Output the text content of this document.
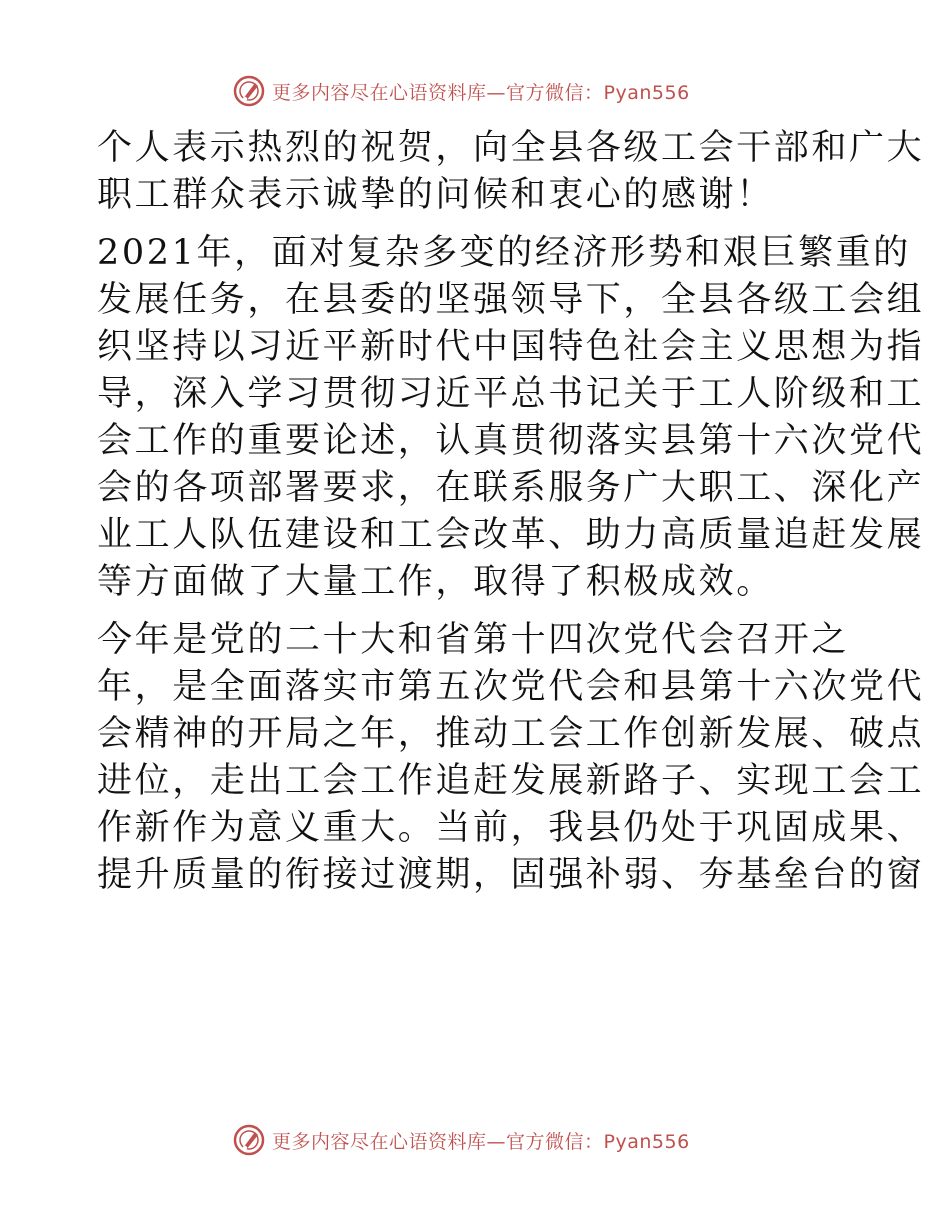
更多内容尽在心语资料库—官方微信：Pyan556

个人表示热烈的祝贺，向全县各级工会干部和广大
职工群众表示诚挚的问候和衷心的感谢！

2021年，面对复杂多变的经济形势和艰巨繁重的
发展任务，在县委的坚强领导下，全县各级工会组
织坚持以习近平新时代中国特色社会主义思想为指
导，深入学习贯彻习近平总书记关于工人阶级和工
会工作的重要论述，认真贯彻落实县第十六次党代
会的各项部署要求，在联系服务广大职工、深化产
业工人队伍建设和工会改革、助力高质量追赶发展
等方面做了大量工作，取得了积极成效。

今年是党的二十大和省第十四次党代会召开之
年，是全面落实市第五次党代会和县第十六次党代
会精神的开局之年，推动工会工作创新发展、破点
进位，走出工会工作追赶发展新路子、实现工会工
作新作为意义重大。当前，我县仍处于巩固成果、
提升质量的衔接过渡期，固强补弱、夯基垒台的窗

更多内容尽在心语资料库—官方微信：Pyan556
